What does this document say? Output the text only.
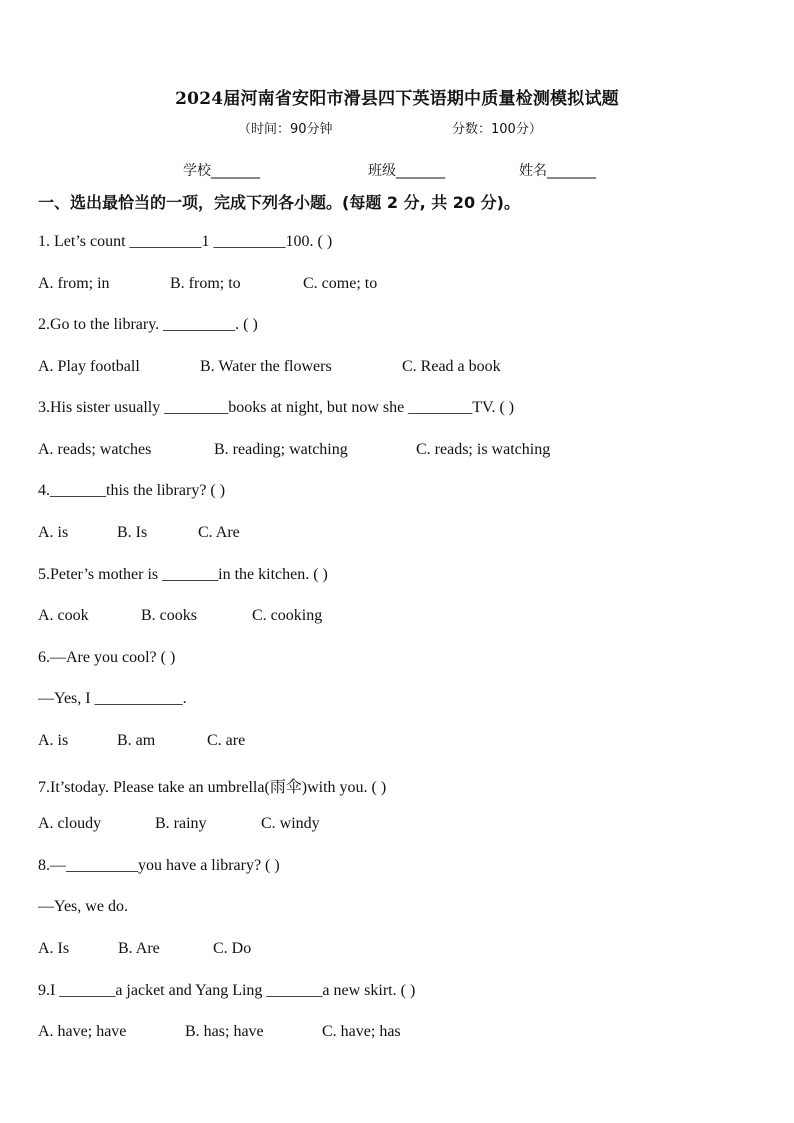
2024届河南省安阳市滑县四下英语期中质量检测模拟试题
（时间：90分钟	分数：100分）
学校_______	班级_______	姓名_______
一、选出最恰当的一项，完成下列各小题。(每题 2 分, 共 20 分)。
1. Let’s count _________1 _________100. ( )
A. from; in	B. from; to	C. come; to
2.Go to the library. _________. ( )
A. Play football	B. Water the flowers	C. Read a book
3.His sister usually ________books at night, but now she ________TV. ( )
A. reads; watches	B. reading; watching	C. reads; is watching
4._______this the library? ( )
A. is	B. Is	C. Are
5.Peter’s mother is _______in the kitchen. ( )
A. cook	B. cooks	C. cooking
6.—Are you cool? ( )
—Yes, I ___________.
A. is	B. am	C. are
7.It’stoday. Please take an umbrella(雨伞)with you. ( )
A. cloudy	B. rainy	C. windy
8.—_________you have a library? ( )
—Yes, we do.
A. Is	B. Are	C. Do
9.I _______a jacket and Yang Ling _______a new skirt. ( )
A. have; have	B. has; have	C. have; has
